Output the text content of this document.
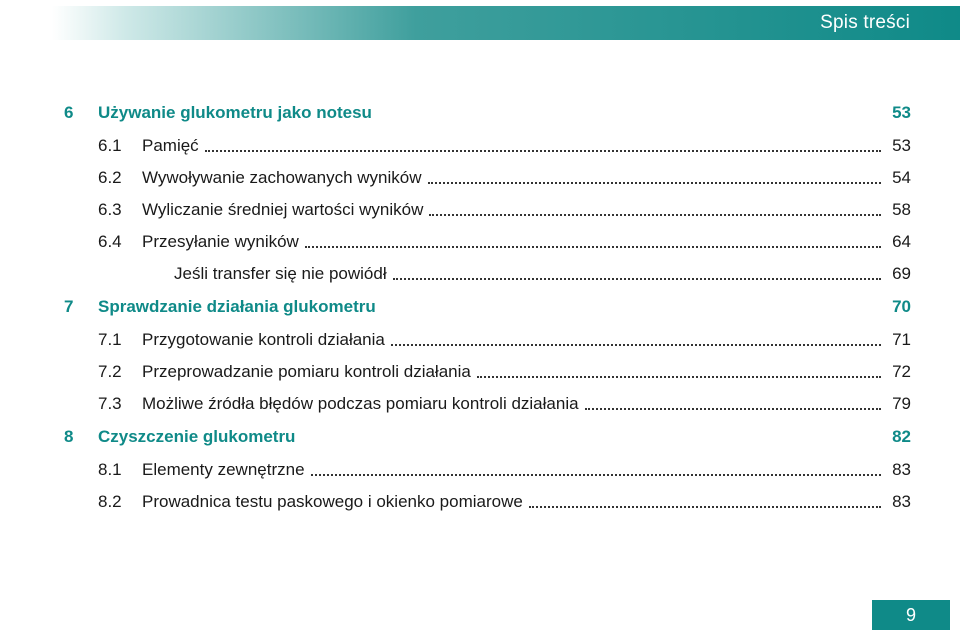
Spis treści
6	Używanie glukometru jako notesu	53
6.1	Pamięć	53
6.2	Wywoływanie zachowanych wyników	54
6.3	Wyliczanie średniej wartości wyników	58
6.4	Przesyłanie wyników	64
Jeśli transfer się nie powiódł	69
7	Sprawdzanie działania glukometru	70
7.1	Przygotowanie kontroli działania	71
7.2	Przeprowadzanie pomiaru kontroli działania	72
7.3	Możliwe źródła błędów podczas pomiaru kontroli działania	79
8	Czyszczenie glukometru	82
8.1	Elementy zewnętrzne	83
8.2	Prowadnica testu paskowego i okienko pomiarowe	83
9
